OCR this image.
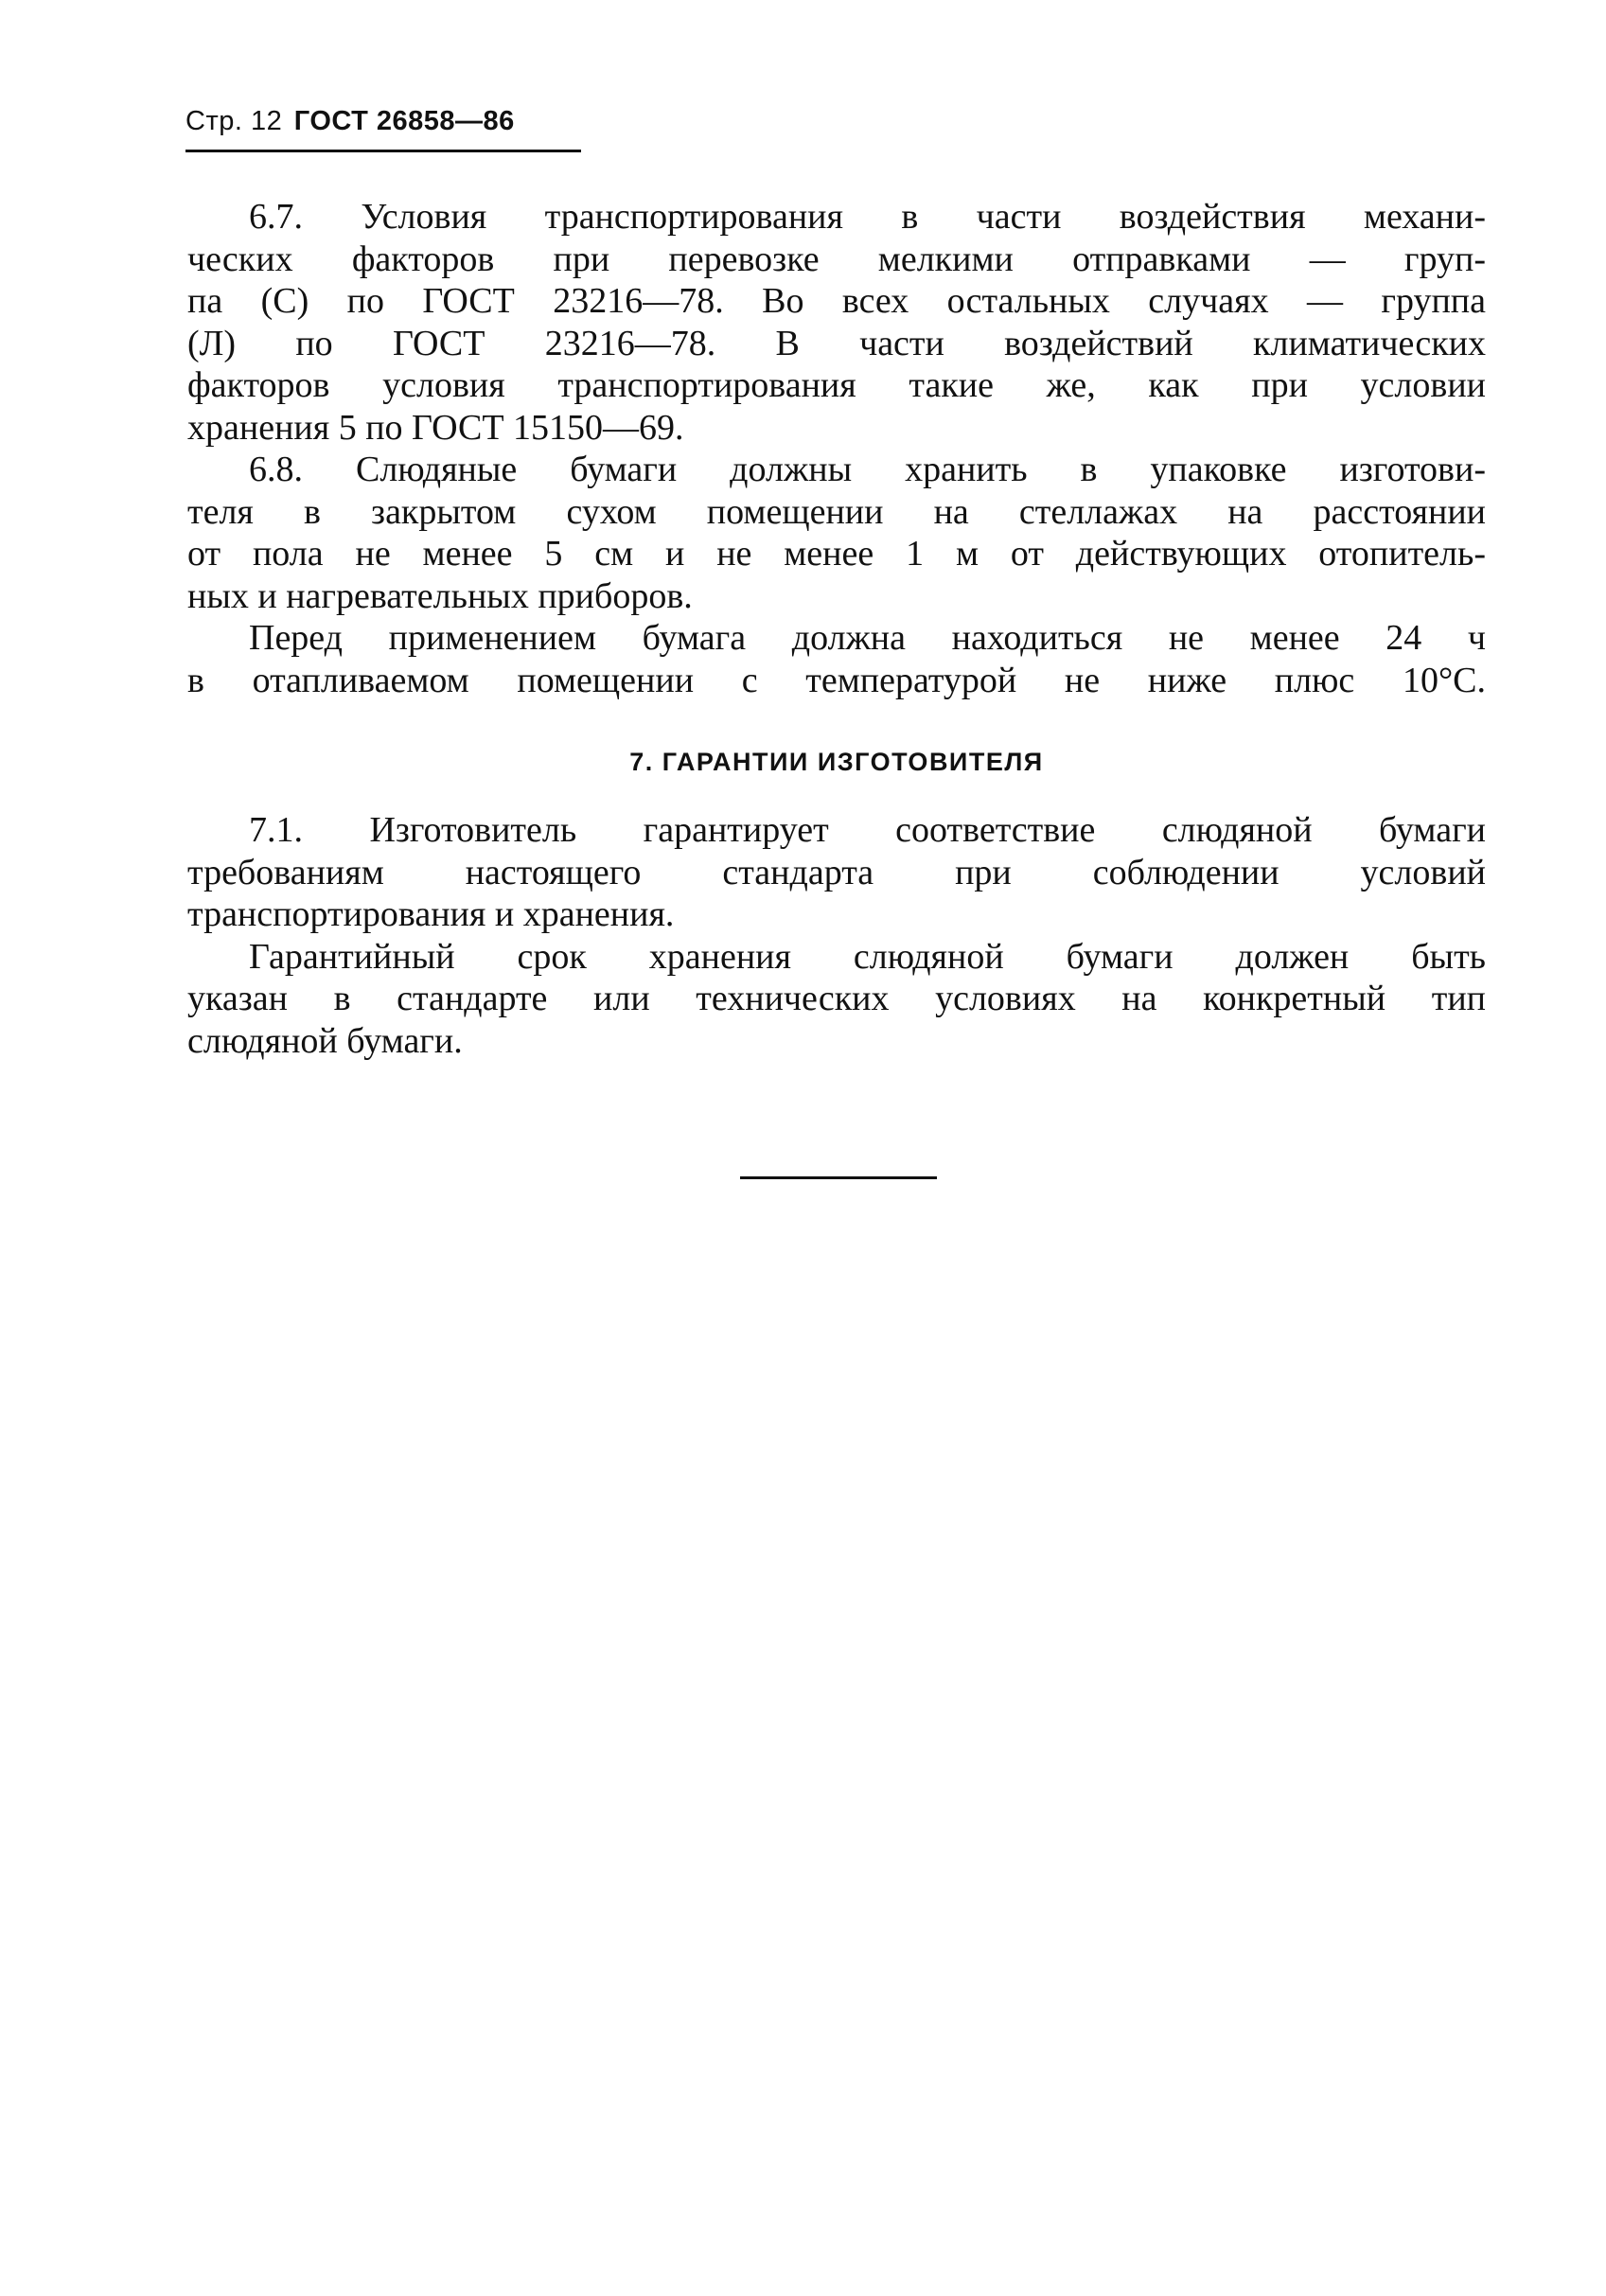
Стр. 12 ГОСТ 26858—86
6.7. Условия транспортирования в части воздействия механи-
ческих факторов при перевозке мелкими отправками — груп-
па (С) по ГОСТ 23216—78. Во всех остальных случаях — группа
(Л) по ГОСТ 23216—78. В части воздействий климатических
факторов условия транспортирования такие же, как при условии
хранения 5 по ГОСТ 15150—69.
6.8. Слюдяные бумаги должны хранить в упаковке изготови-
теля в закрытом сухом помещении на стеллажах на расстоянии
от пола не менее 5 см и не менее 1 м от действующих отопитель-
ных и нагревательных приборов.
Перед применением бумага должна находиться не менее 24 ч
в отапливаемом помещении с температурой не ниже плюс 10°С.
7. ГАРАНТИИ ИЗГОТОВИТЕЛЯ
7.1. Изготовитель гарантирует соответствие слюдяной бумаги
требованиям настоящего стандарта при соблюдении условий
транспортирования и хранения.
Гарантийный срок хранения слюдяной бумаги должен быть
указан в стандарте или технических условиях на конкретный тип
слюдяной бумаги.
